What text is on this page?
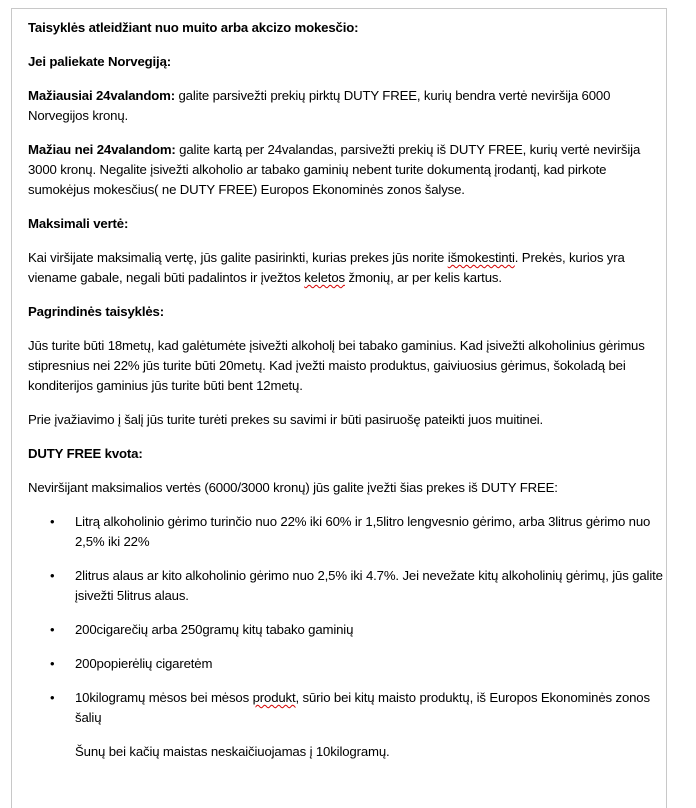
Taisyklės atleidžiant nuo muito arba akcizo mokesčio:

Jei paliekate Norvegiją:

Mažiausiai 24valandom: galite parsivežti prekių pirktų DUTY FREE, kurių bendra vertė neviršija 6000 Norvegijos kronų.

Mažiau nei 24valandom: galite kartą per 24valandas, parsivežti prekių iš DUTY FREE, kurių vertė neviršija 3000 kronų. Negalite įsivežti alkoholio ar tabako gaminių nebent turite dokumentą įrodantį, kad pirkote sumokėjus mokesčius( ne DUTY FREE) Europos Ekonominės zonos šalyse.

Maksimali vertė:

Kai viršijate maksimalią vertę, jūs galite pasirinkti, kurias prekes jūs norite išmokestinti. Prekės, kurios yra viename gabale, negali būti padalintos ir įvežtos keletos žmonių, ar per kelis kartus.

Pagrindinės taisyklės:

Jūs turite būti 18metų, kad galėtumėte įsivežti alkoholį bei tabako gaminius. Kad įsivežti alkoholinius gėrimus stipresnius nei 22% jūs turite būti 20metų. Kad įvežti maisto produktus, gaiviuosius gėrimus, šokoladą bei konditerijos gaminius jūs turite būti bent 12metų.

Prie įvažiavimo į šalį jūs turite turėti prekes su savimi ir būti pasiruošę pateikti juos muitinei.

DUTY FREE kvota:

Neviršijant maksimalios vertės (6000/3000 kronų) jūs galite įvežti šias prekes iš DUTY FREE:

• Litrą alkoholinio gėrimo turinčio nuo 22% iki 60% ir 1,5litro lengvesnio gėrimo, arba 3litrus gėrimo nuo 2,5% iki 22%
• 2litrus alaus ar kito alkoholinio gėrimo nuo 2,5% iki 4.7%. Jei nevežate kitų alkoholinių gėrimų, jūs galite įsivežti 5litrus alaus.
• 200cigarečių arba 250gramų kitų tabako gaminių
• 200popierėlių cigaretėm
• 10kilogramų mėsos bei mėsos produkt, sūrio bei kitų maisto produktų, iš Europos Ekonominės zonos šalių

Šunų bei kačių maistas neskaičiuojamas į 10kilogramų.
